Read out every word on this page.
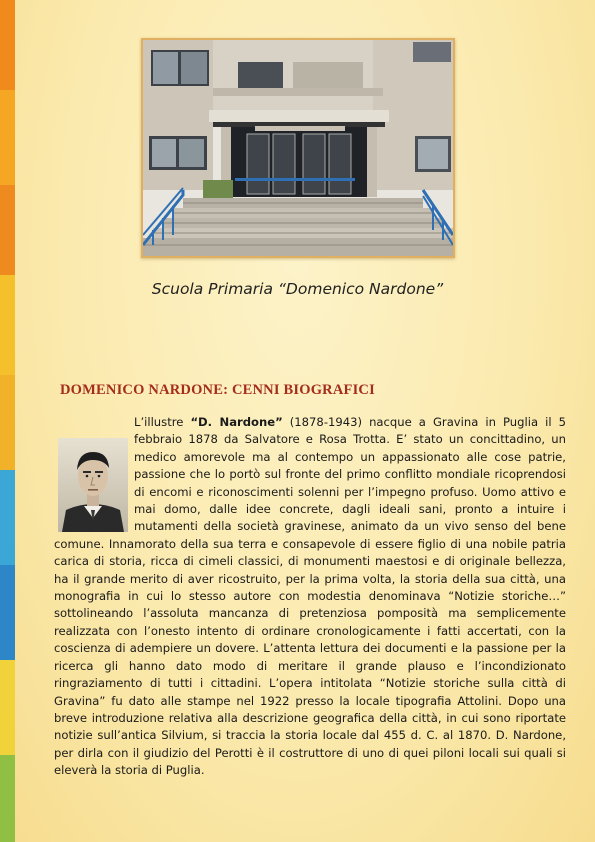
Scuola Primaria “Domenico Nardone”
DOMENICO NARDONE: CENNI BIOGRAFICI
L’illustre “D. Nardone” (1878-1943) nacque a Gravina in Puglia il 5 febbraio 1878 da Salvatore e Rosa Trotta. E’ stato un concittadino, un medico amorevole ma al contempo un appassionato alle cose patrie, passione che lo portò sul fronte del primo conflitto mondiale ricoprendosi di encomi e riconoscimenti solenni per l’impegno profuso. Uomo attivo e mai domo, dalle idee concrete, dagli ideali sani, pronto a intuire i mutamenti della società gravinese, animato da un vivo senso del bene comune. Innamorato della sua terra e consapevole di essere figlio di una nobile patria carica di storia, ricca di cimeli classici, di monumenti maestosi e di originale bellezza, ha il grande merito di aver ricostruito, per la prima volta, la storia della sua città, una monografia in cui lo stesso autore con modestia denominava “Notizie storiche…” sottolineando l’assoluta mancanza di pretenziosa pomposità ma semplicemente realizzata con l’onesto intento di ordinare cronologicamente i fatti accertati, con la coscienza di adempiere un dovere. L’attenta lettura dei documenti e la passione per la ricerca gli hanno dato modo di meritare il grande plauso e l’incondizionato ringraziamento di tutti i cittadini. L’opera intitolata “Notizie storiche sulla città di Gravina” fu dato alle stampe nel 1922 presso la locale tipografia Attolini. Dopo una breve introduzione relativa alla descrizione geografica della città, in cui sono riportate notizie sull’antica Silvium, si traccia la storia locale dal 455 d. C. al 1870. D. Nardone, per dirla con il giudizio del Perotti è il costruttore di uno di quei piloni locali sui quali si eleverà la storia di Puglia.
